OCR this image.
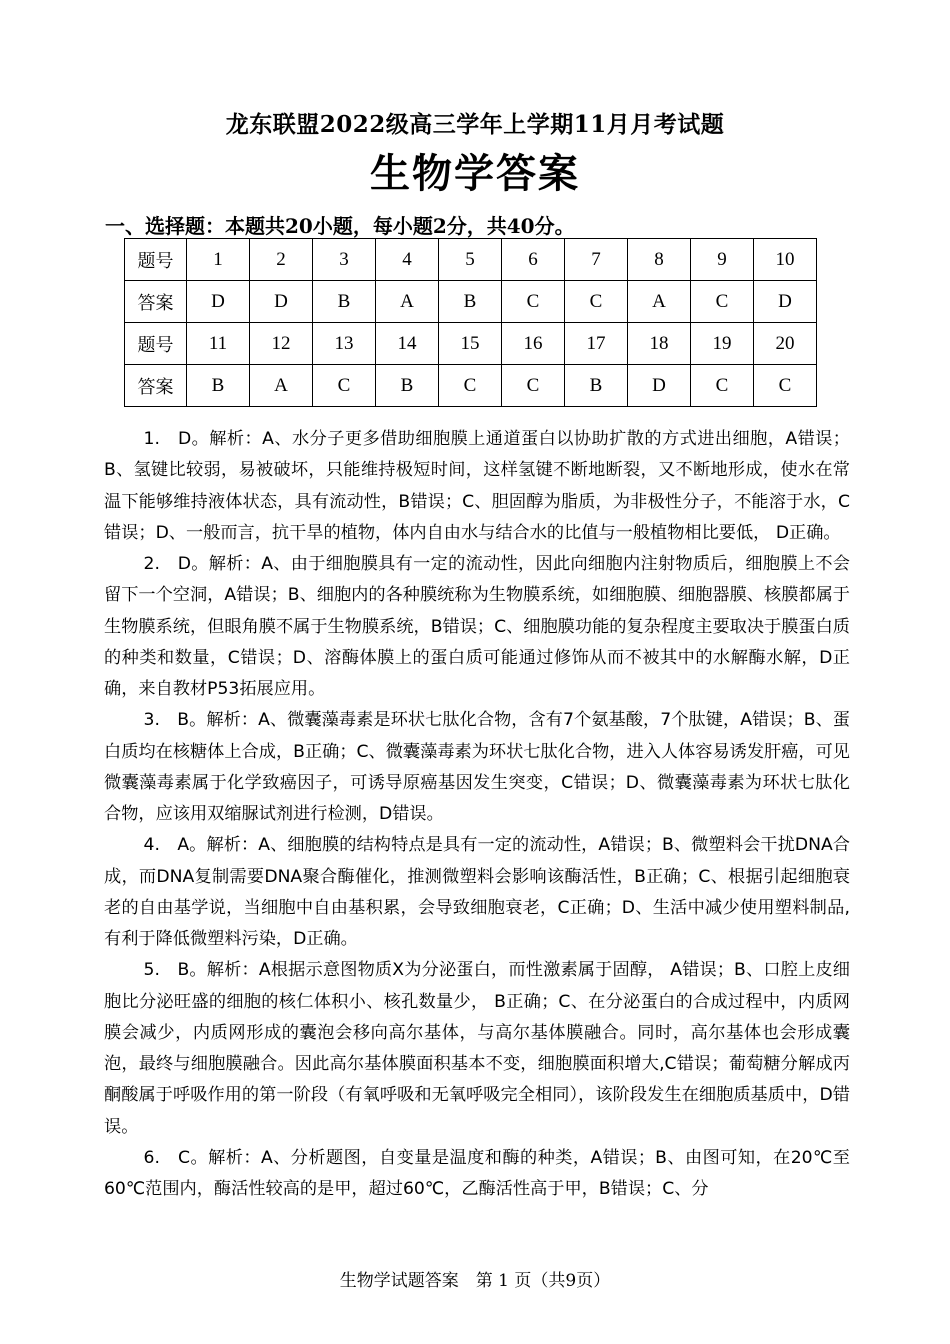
龙东联盟2022级高三学年上学期11月月考试题
生物学答案
一、选择题：本题共20小题，每小题2分，共40分。
题号	1	2	3	4	5	6	7	8	9	10
答案	D	D	B	A	B	C	C	A	C	D
题号	11	12	13	14	15	16	17	18	19	20
答案	B	A	C	B	C	C	B	D	C	C

1.　D。解析：A、水分子更多借助细胞膜上通道蛋白以协助扩散的方式进出细胞，A错误；B、氢键比较弱，易被破坏，只能维持极短时间，这样氢键不断地断裂，又不断地形成，使水在常温下能够维持液体状态，具有流动性，B错误；C、胆固醇为脂质，为非极性分子，不能溶于水，C错误；D、一般而言，抗干旱的植物，体内自由水与结合水的比值与一般植物相比要低， D正确。

2.　D。解析：A、由于细胞膜具有一定的流动性，因此向细胞内注射物质后，细胞膜上不会留下一个空洞，A错误；B、细胞内的各种膜统称为生物膜系统，如细胞膜、细胞器膜、核膜都属于生物膜系统，但眼角膜不属于生物膜系统，B错误；C、细胞膜功能的复杂程度主要取决于膜蛋白质的种类和数量，C错误；D、溶酶体膜上的蛋白质可能通过修饰从而不被其中的水解酶水解，D正确，来自教材P53拓展应用。

3.　B。解析：A、微囊藻毒素是环状七肽化合物，含有7个氨基酸，7个肽键，A错误；B、蛋白质均在核糖体上合成，B正确；C、微囊藻毒素为环状七肽化合物，进入人体容易诱发肝癌，可见微囊藻毒素属于化学致癌因子，可诱导原癌基因发生突变，C错误；D、微囊藻毒素为环状七肽化合物，应该用双缩脲试剂进行检测，D错误。

4.　A。解析：A、细胞膜的结构特点是具有一定的流动性，A错误；B、微塑料会干扰DNA合成，而DNA复制需要DNA聚合酶催化，推测微塑料会影响该酶活性，B正确；C、根据引起细胞衰老的自由基学说，当细胞中自由基积累，会导致细胞衰老，C正确；D、生活中减少使用塑料制品,有利于降低微塑料污染，D正确。

5.　B。解析：A根据示意图物质X为分泌蛋白，而性激素属于固醇， A错误；B、口腔上皮细胞比分泌旺盛的细胞的核仁体积小、核孔数量少， B正确；C、在分泌蛋白的合成过程中，内质网膜会减少，内质网形成的囊泡会移向高尔基体，与高尔基体膜融合。同时，高尔基体也会形成囊泡，最终与细胞膜融合。因此高尔基体膜面积基本不变，细胞膜面积增大,C错误；葡萄糖分解成丙酮酸属于呼吸作用的第一阶段（有氧呼吸和无氧呼吸完全相同），该阶段发生在细胞质基质中，D错误。

6.　C。解析：A、分析题图，自变量是温度和酶的种类，A错误；B、由图可知，在20℃至60℃范围内，酶活性较高的是甲，超过60℃，乙酶活性高于甲，B错误；C、分

生物学试题答案　第 1 页（共9页）
